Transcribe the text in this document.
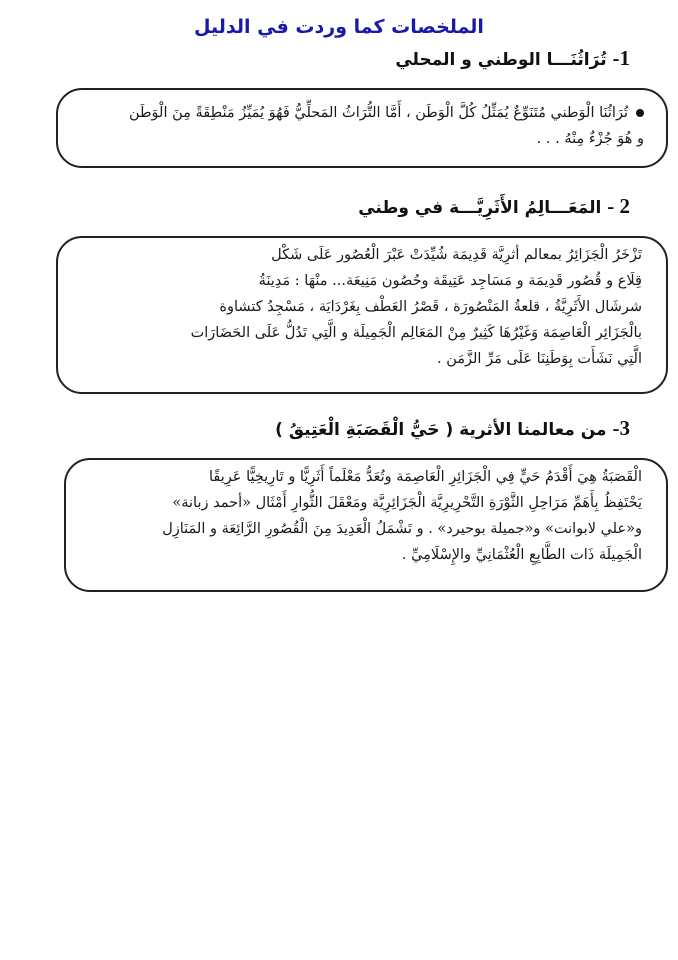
الملخصات كما وردت في الدليل
1- تُرَاثُنَـــا الوطني و المحلي

تُرَاثُنَا الْوَطني مُتَنَوِّعٌ يُمَثِّلُ كُلَّ الْوَطَن ، أَمَّا التُّرَاثُ المَحلِّيُّ فَهُوَ يُمَيِّزُ مَنْطِقَةً مِنَ الْوَطَن
و هُوَ جُزْءٌ مِنْهُ . . .

2 - المَعَـــالِمُ الأَثَرِيَّـــة في وطني

تَزْخَرُ الْجَزَائِرُ بمعالم أثرِيَّة قَدِيمَة شُيِّدَتْ عَبْرَ الْعُصُور عَلَى شَكْل
قِلَاع و قُصُور قَدِيمَة و مَسَاجِد عَتِيقَة وحُصُون مَنِيعَة... منْهَا : مَدِينَةُ
شرشَال الأَثَرِيَّةُ ، قلعةُ المَنْصُورَة ، قَصْرُ العَطْف بِغَرْدَايَة ، مَسْجِدُ كتشاوة
بالْجَزَائِر الْعَاصِمَة وَغَيْرُهَا كَثِيرٌ مِنْ المَعَالِم الْجَمِيلَة و الَّتِي تَدُلُّ عَلَى الحَضَارَات
الَّتِي نَشَأَت بِوَطَنِنَا عَلَى مَرِّ الزَّمَن .

3- من معالمنا الأثرية ( حَيُّ الْقَصَبَةِ الْعَتِيقُ )

الْقَصَبَةُ هِيَ أَقْدَمُ حَيٍّ فِي الْجَزَائِرِ الْعَاصِمَة وتُعَدُّ مَعْلَماً أَثَرِيًّا و تَارِيخِيًّا عَرِيقًا
يَحْتَفِظُ بِأَهَمِّ مَرَاحِلِ الثَّوْرَةِ التَّحْرِيرِيَّة الْجَزَائِرِيَّة ومَعْقَلَ الثُّوارِ أَمْثَال «أحمد زبانة»
و«علي لابوانت» و«جميلة بوحيرد» . و تَشْمَلُ الْعَدِيدَ مِنَ الْقُصُورِ الرَّائِعَة و المَنَازِل
الْجَمِيلَة ذَات الطَّابِعِ الْعُثْمَانِيِّ والإِسْلَامِيِّ .
